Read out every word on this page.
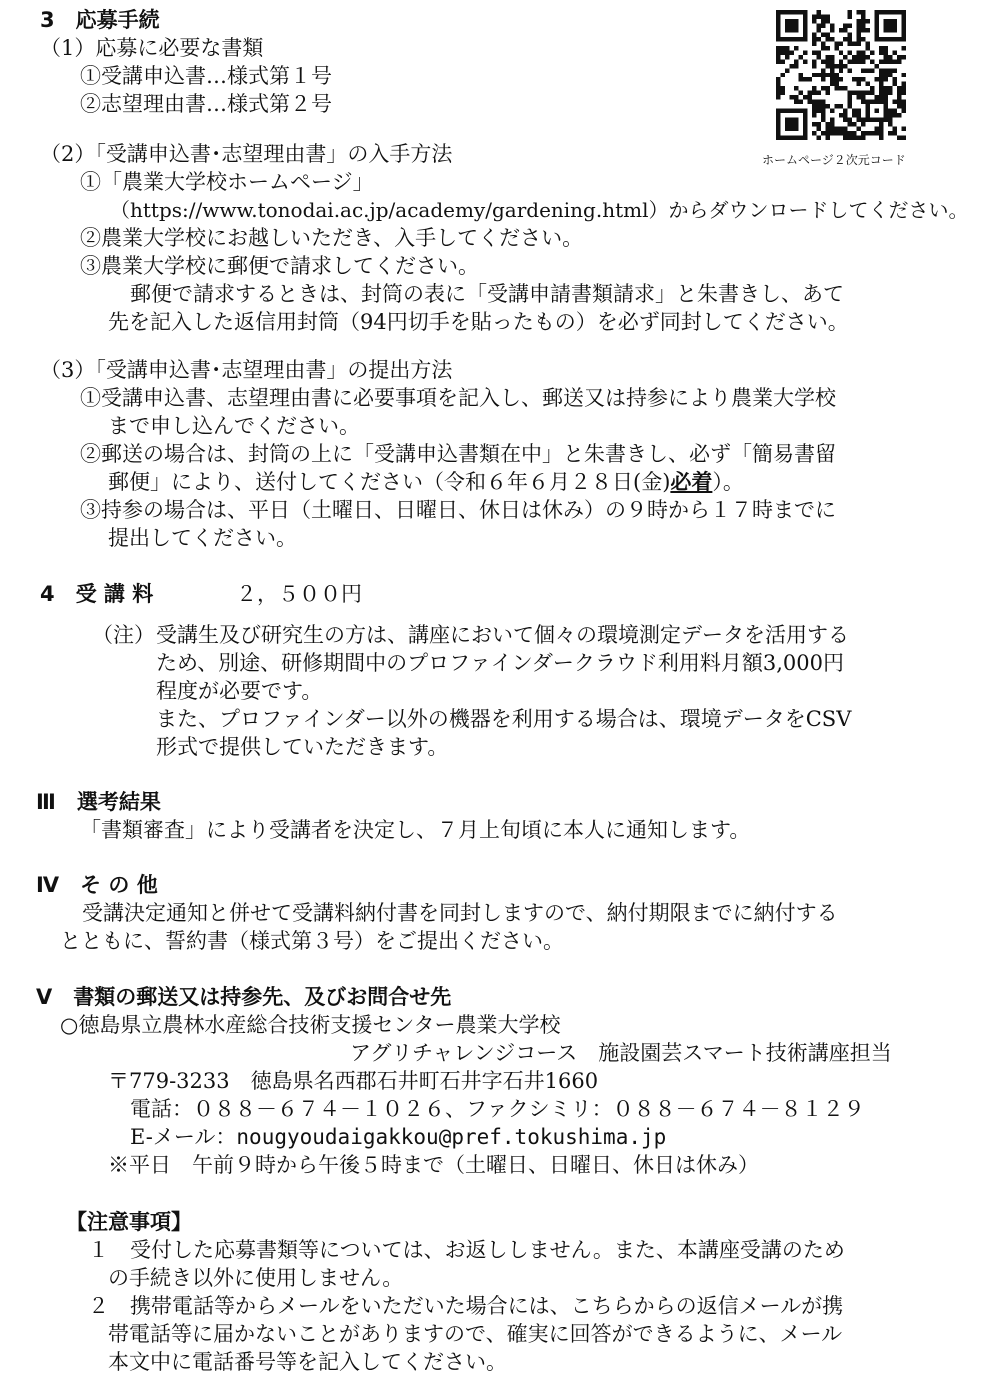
3　応募手続
（1）応募に必要な書類
①受講申込書…様式第１号
②志望理由書…様式第２号
ホームページ２次元コード
（2）「受講申込書･志望理由書」の入手方法
①「農業大学校ホームページ」
（https://www.tonodai.ac.jp/academy/gardening.html）からダウンロードしてください。
②農業大学校にお越しいただき、入手してください。
③農業大学校に郵便で請求してください。
郵便で請求するときは、封筒の表に「受講申請書類請求」と朱書きし、あて
先を記入した返信用封筒（94円切手を貼ったもの）を必ず同封してください。
（3）「受講申込書･志望理由書」の提出方法
①受講申込書、志望理由書に必要事項を記入し、郵送又は持参により農業大学校
まで申し込んでください。
②郵送の場合は、封筒の上に「受講申込書類在中」と朱書きし、必ず「簡易書留
郵便」により、送付してください（令和６年６月２８日(金)必着）。
③持参の場合は、平日（土曜日、日曜日、休日は休み）の９時から１７時までに
提出してください。
4　受 講 料	２，５００円
（注） 受講生及び研究生の方は、講座において個々の環境測定データを活用する
ため、別途、研修期間中のプロファインダークラウド利用料月額3,000円
程度が必要です。
また、プロファインダー以外の機器を利用する場合は、環境データをCSV
形式で提供していただきます。
Ⅲ　選考結果
「書類審査」により受講者を決定し、７月上旬頃に本人に通知します。
Ⅳ　そ の 他
受講決定通知と併せて受講料納付書を同封しますので、納付期限までに納付する
とともに、誓約書（様式第３号）をご提出ください。
Ⅴ　書類の郵送又は持参先、及びお問合せ先
○徳島県立農林水産総合技術支援センター農業大学校
アグリチャレンジコース　施設園芸スマート技術講座担当
〒779-3233　徳島県名西郡石井町石井字石井1660
電話：０８８－６７４－１０２６、ファクシミリ：０８８－６７４－８１２９
E-メール：nougyoudaigakkou@pref.tokushima.jp
※平日　午前９時から午後５時まで（土曜日、日曜日、休日は休み）
【注意事項】
１　受付した応募書類等については、お返ししません。また、本講座受講のため
の手続き以外に使用しません。
２　携帯電話等からメールをいただいた場合には、こちらからの返信メールが携
帯電話等に届かないことがありますので、確実に回答ができるように、メール
本文中に電話番号等を記入してください。
